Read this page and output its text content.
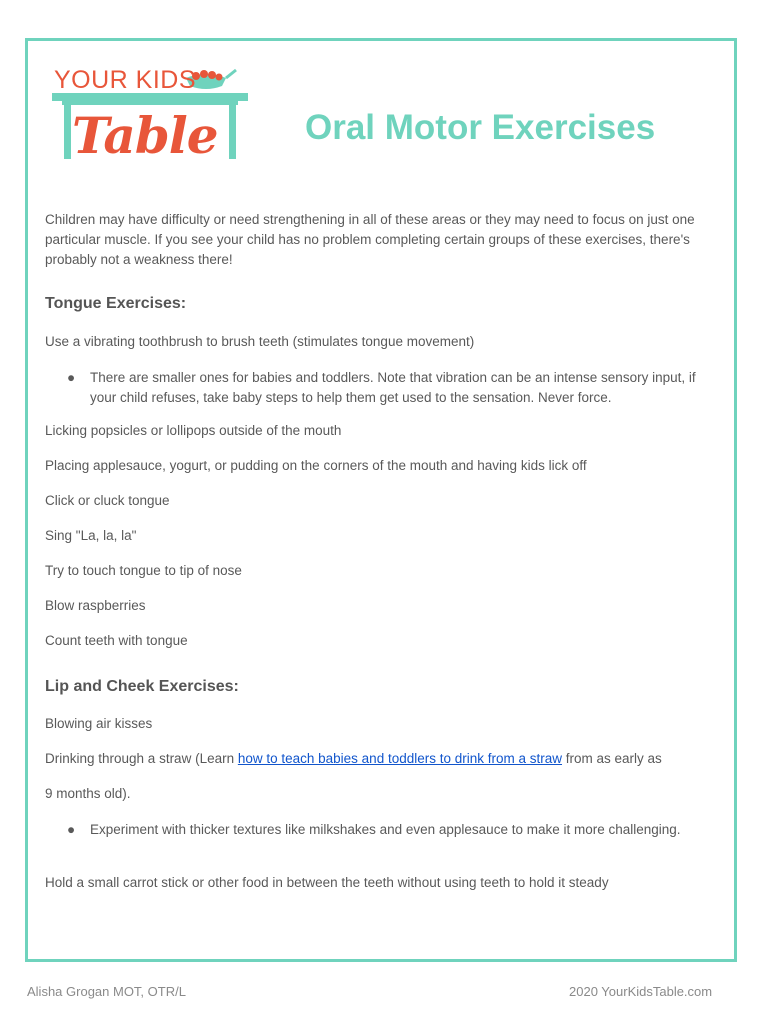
YOUR KIDS
Table Oral Motor Exercises
Children may have difficulty or need strengthening in all of these areas or they may need to focus on just one particular muscle. If you see your child has no problem completing certain groups of these exercises, there's probably not a weakness there!
Tongue Exercises:
Use a vibrating toothbrush to brush teeth (stimulates tongue movement)
● There are smaller ones for babies and toddlers. Note that vibration can be an intense sensory input, if your child refuses, take baby steps to help them get used to the sensation. Never force.
Licking popsicles or lollipops outside of the mouth
Placing applesauce, yogurt, or pudding on the corners of the mouth and having kids lick off
Click or cluck tongue
Sing "La, la, la"
Try to touch tongue to tip of nose
Blow raspberries
Count teeth with tongue
Lip and Cheek Exercises:
Blowing air kisses
Drinking through a straw (Learn how to teach babies and toddlers to drink from a straw from as early as
9 months old).
● Experiment with thicker textures like milkshakes and even applesauce to make it more challenging.
Hold a small carrot stick or other food in between the teeth without using teeth to hold it steady
Alisha Grogan MOT, OTR/L	2020 YourKidsTable.com
